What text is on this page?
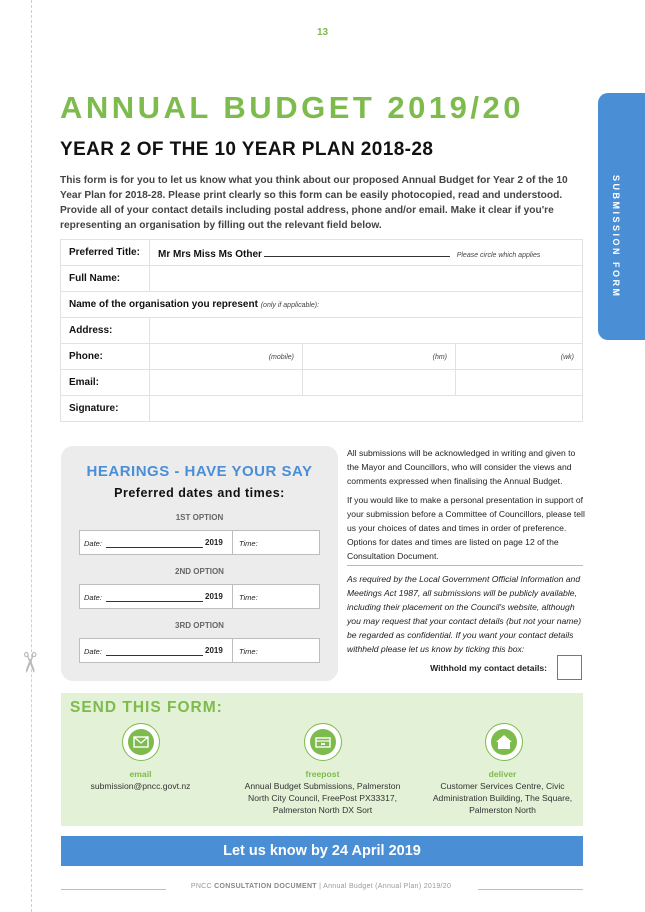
✂
13
SUBMISSION FORM
ANNUAL BUDGET 2019/20
YEAR 2 OF THE 10 YEAR PLAN 2018-28
This form is for you to let us know what you think about our proposed Annual Budget for Year 2 of the 10 Year Plan for 2018-28. Please print clearly so this form can be easily photocopied, read and understood. Provide all of your contact details including postal address, phone and/or email. Make it clear if you're representing an organisation by filling out the relevant field below.
Preferred Title:	Mr Mrs Miss Ms Other Please circle which applies		
Full Name:			
Name of the organisation you represent (only if applicable):			
Address:			
Phone:	(mobile)	(hm)	(wk)
Email:			
Signature:			
HEARINGS - HAVE YOUR SAY
Preferred dates and times:
1ST OPTION
Date:	2019 Time:
2ND OPTION
Date:	2019 Time:
3RD OPTION
Date:	2019 Time:
All submissions will be acknowledged in writing and given to the Mayor and Councillors, who will consider the views and comments expressed when finalising the Annual Budget.
If you would like to make a personal presentation in support of your submission before a Committee of Councillors, please tell us your choices of dates and times in order of preference. Options for dates and times are listed on page 12 of the Consultation Document.
As required by the Local Government Official Information and Meetings Act 1987, all submissions will be publicly available, including their placement on the Council's website, although you may request that your contact details (but not your name) be regarded as confidential. If you want your contact details withheld please let us know by ticking this box:
Withhold my contact details:
SEND THIS FORM:
email
submission@pncc.govt.nz
freepost
Annual Budget Submissions, Palmerston North City Council, FreePost PX33317, Palmerston North DX Sort
deliver
Customer Services Centre, Civic Administration Building, The Square, Palmerston North
Let us know by 24 April 2019
PNCC CONSULTATION DOCUMENT | Annual Budget (Annual Plan) 2019/20
